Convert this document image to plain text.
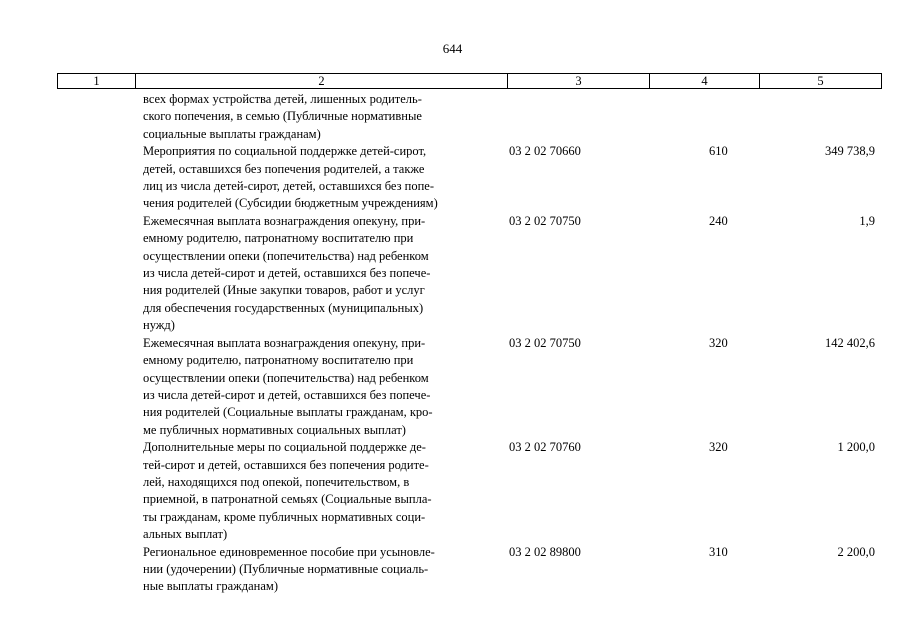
644
1	2	3	4	5
всех формах устройства детей, лишенных родитель-
ского попечения, в семью (Публичные нормативные
социальные выплаты гражданам)
Мероприятия по социальной поддержке детей-сирот,
детей, оставшихся без попечения родителей, а также
лиц из числа детей-сирот, детей, оставшихся без попе-
чения родителей (Субсидии бюджетным учреждениям)
03 2 02 70660	610	349 738,9
Ежемесячная выплата вознаграждения опекуну, при-
емному родителю, патронатному воспитателю при
осуществлении опеки (попечительства) над ребенком
из числа детей-сирот и детей, оставшихся без попече-
ния родителей (Иные закупки товаров, работ и услуг
для обеспечения государственных (муниципальных)
нужд)
03 2 02 70750	240	1,9
Ежемесячная выплата вознаграждения опекуну, при-
емному родителю, патронатному воспитателю при
осуществлении опеки (попечительства) над ребенком
из числа детей-сирот и детей, оставшихся без попече-
ния родителей (Социальные выплаты гражданам, кро-
ме публичных нормативных социальных выплат)
03 2 02 70750	320	142 402,6
Дополнительные меры по социальной поддержке де-
тей-сирот и детей, оставшихся без попечения родите-
лей, находящихся под опекой, попечительством, в
приемной, в патронатной семьях (Социальные выпла-
ты гражданам, кроме публичных нормативных соци-
альных выплат)
03 2 02 70760	320	1 200,0
Региональное единовременное пособие при усыновле-
нии (удочерении) (Публичные нормативные социаль-
ные выплаты гражданам)
03 2 02 89800	310	2 200,0
